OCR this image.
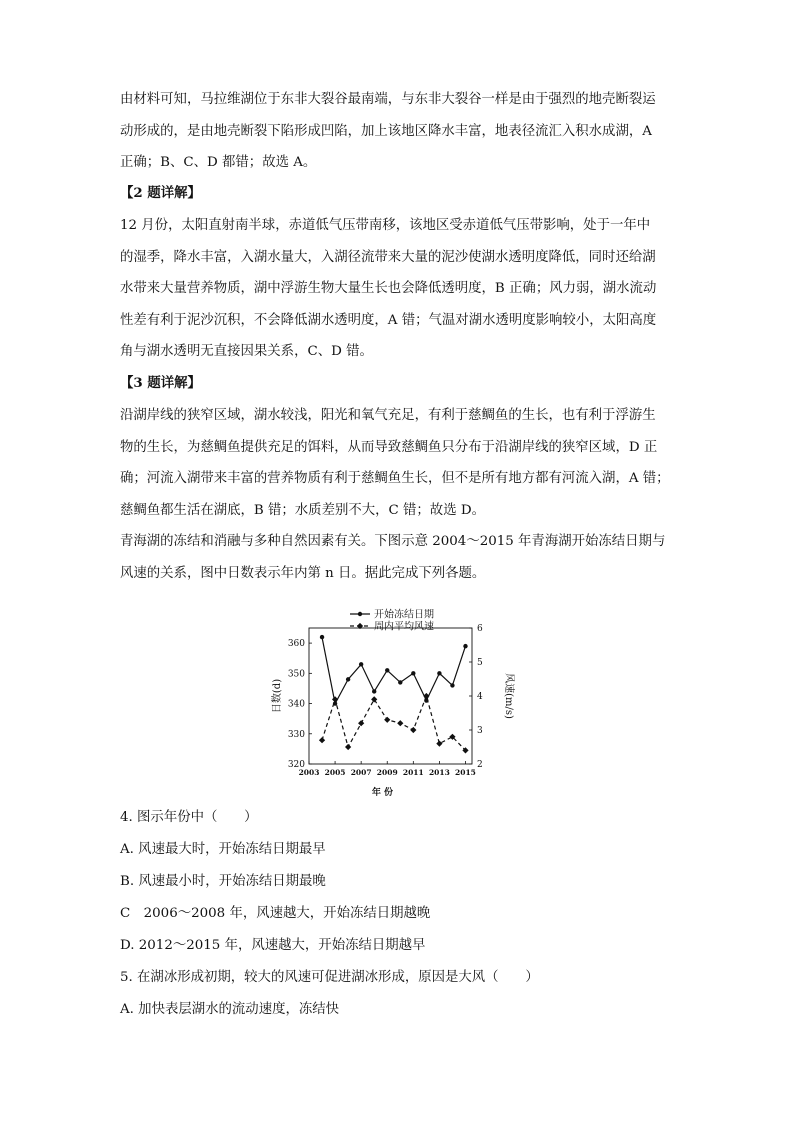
由材料可知，马拉维湖位于东非大裂谷最南端，与东非大裂谷一样是由于强烈的地壳断裂运
动形成的，是由地壳断裂下陷形成凹陷，加上该地区降水丰富，地表径流汇入积水成湖，A
正确；B、C、D 都错；故选 A。
【2 题详解】
12 月份，太阳直射南半球，赤道低气压带南移，该地区受赤道低气压带影响，处于一年中
的湿季，降水丰富，入湖水量大，入湖径流带来大量的泥沙使湖水透明度降低，同时还给湖
水带来大量营养物质，湖中浮游生物大量生长也会降低透明度，B 正确；风力弱，湖水流动
性差有利于泥沙沉积，不会降低湖水透明度，A 错；气温对湖水透明度影响较小，太阳高度
角与湖水透明无直接因果关系，C、D 错。
【3 题详解】
沿湖岸线的狭窄区域，湖水较浅，阳光和氧气充足，有利于慈鲷鱼的生长，也有利于浮游生
物的生长，为慈鲷鱼提供充足的饵料，从而导致慈鲷鱼只分布于沿湖岸线的狭窄区域，D 正
确；河流入湖带来丰富的营养物质有利于慈鲷鱼生长，但不是所有地方都有河流入湖，A 错；
慈鲷鱼都生活在湖底，B 错；水质差别不大，C 错；故选 D。
青海湖的冻结和消融与多种自然因素有关。下图示意 2004～2015 年青海湖开始冻结日期与
风速的关系，图中日数表示年内第 n 日。据此完成下列各题。
320
330
340
350
360
2
3
4
5
6
2003 2005 2007 2009 2011 2013 2015
日数(d)	风速(m/s)
年 份
开始冻结日期
周内平均风速
4. 图示年份中（　　）
A. 风速最大时，开始冻结日期最早
B. 风速最小时，开始冻结日期最晚
C　2006～2008 年，风速越大，开始冻结日期越晚
D. 2012～2015 年，风速越大，开始冻结日期越早
5. 在湖冰形成初期，较大的风速可促进湖冰形成，原因是大风（　　）
A. 加快表层湖水的流动速度，冻结快
